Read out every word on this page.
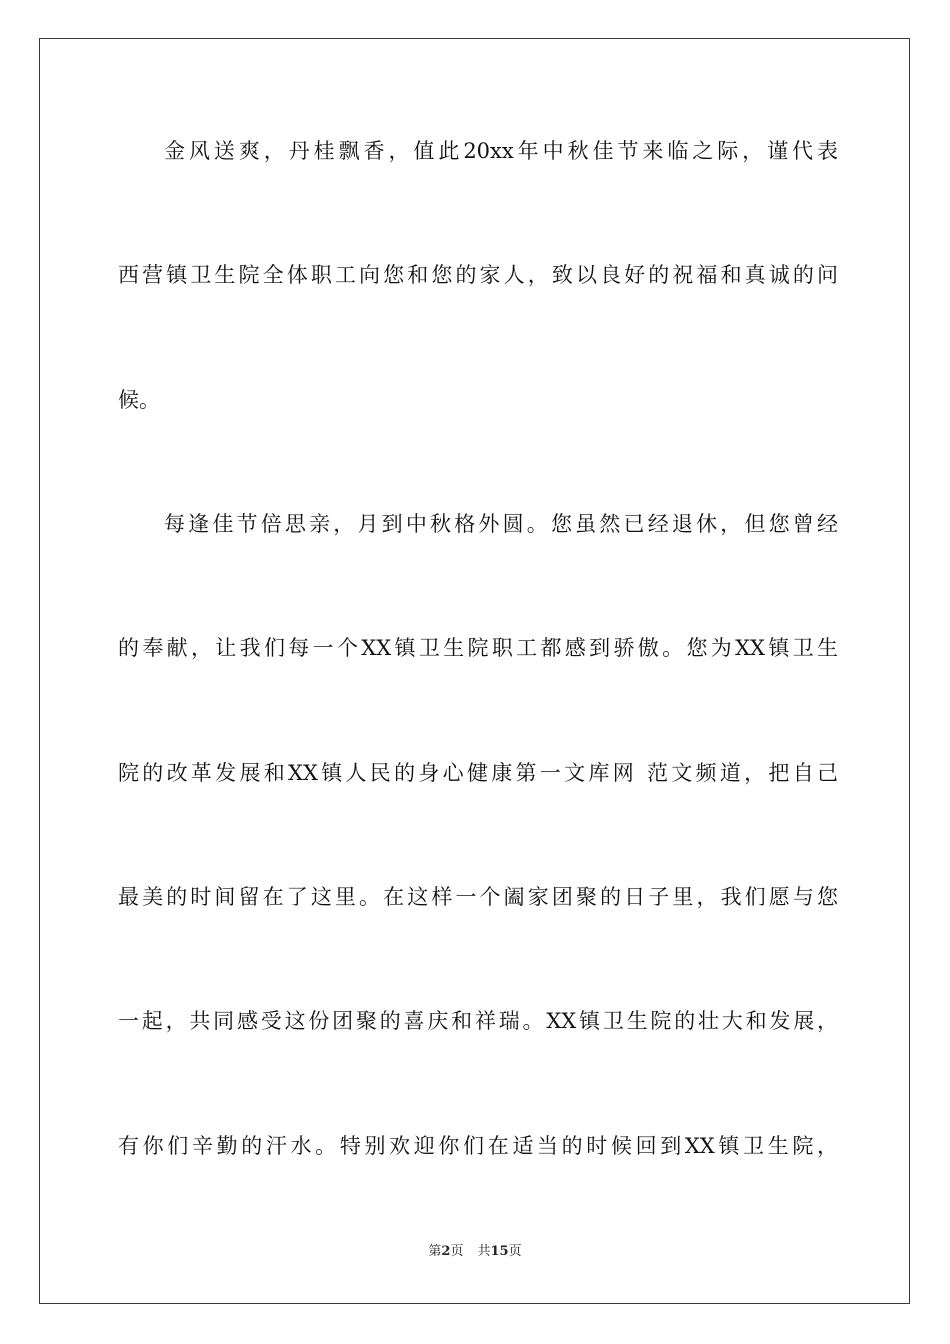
金风送爽，丹桂飘香，值此20xx年中秋佳节来临之际，谨代表
西营镇卫生院全体职工向您和您的家人，致以良好的祝福和真诚的问
候。
每逢佳节倍思亲，月到中秋格外圆。您虽然已经退休，但您曾经
的奉献，让我们每一个XX镇卫生院职工都感到骄傲。您为XX镇卫生
院的改革发展和XX镇人民的身心健康第一文库网 范文频道，把自己
最美的时间留在了这里。在这样一个阖家团聚的日子里，我们愿与您
一起，共同感受这份团聚的喜庆和祥瑞。XX镇卫生院的壮大和发展，
有你们辛勤的汗水。特别欢迎你们在适当的时候回到XX镇卫生院，
第2页 共15页
